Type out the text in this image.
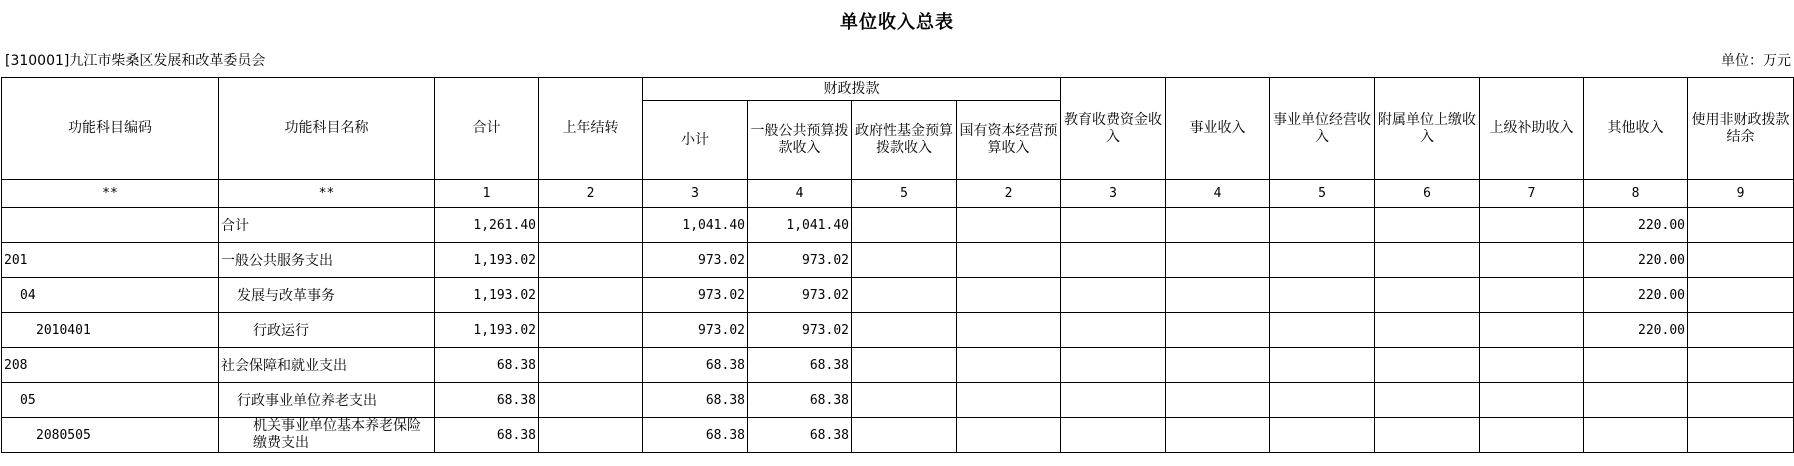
单位收入总表
[310001]九江市柴桑区发展和改革委员会	单位：万元
功能科目编码	功能科目名称	合计	上年结转	财政拨款				教育收费资金收入	事业收入	事业单位经营收入	附属单位上缴收入	上级补助收入	其他收入	使用非财政拨款结余
				小计	一般公共预算拨款收入	政府性基金预算拨款收入	国有资本经营预算收入							
**	**	1	2	3	4	5	2	3	4	5	6	7	8	9
	合计	1,261.40		1,041.40	1,041.40								220.00	
201	一般公共服务支出	1,193.02		973.02	973.02								220.00	
04	发展与改革事务	1,193.02		973.02	973.02								220.00	
2010401	行政运行	1,193.02		973.02	973.02								220.00	
208	社会保障和就业支出	68.38		68.38	68.38									
05	行政事业单位养老支出	68.38		68.38	68.38									
2080505	机关事业单位基本养老保险缴费支出	68.38		68.38	68.38									
